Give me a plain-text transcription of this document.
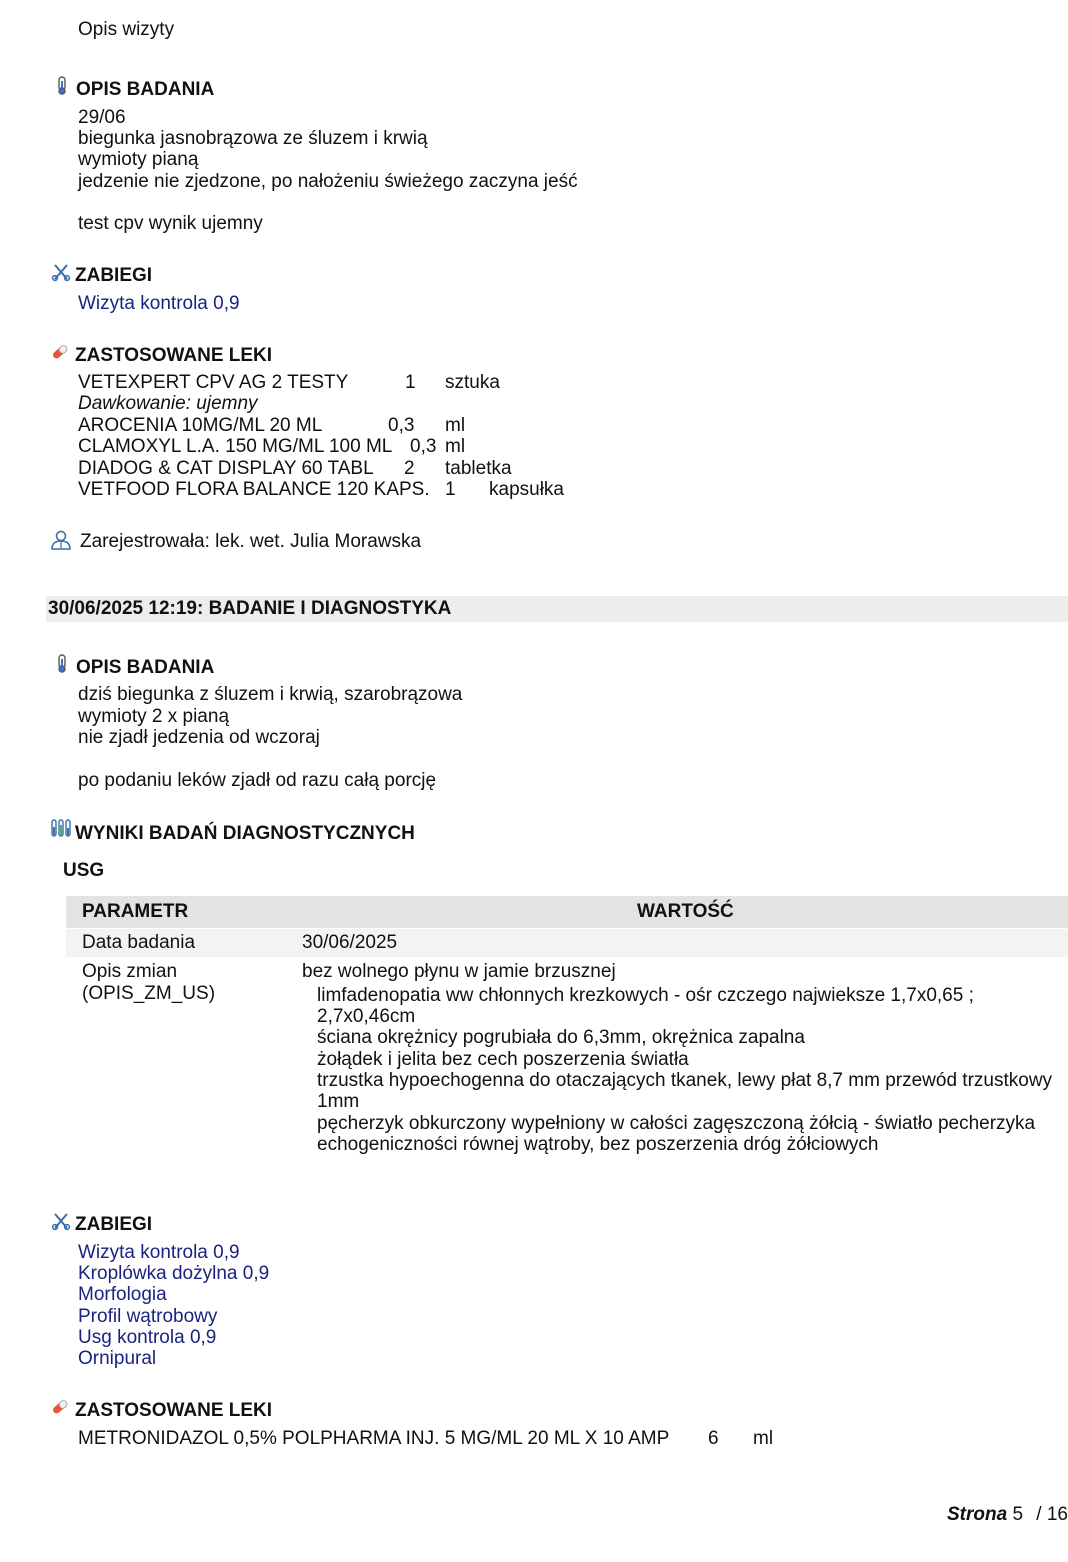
Opis wizyty
OPIS BADANIA
29/06
biegunka jasnobrązowa ze śluzem i krwią
wymioty pianą
jedzenie nie zjedzone, po nałożeniu świeżego zaczyna jeść
test cpv wynik ujemny
ZABIEGI
Wizyta kontrola 0,9
ZASTOSOWANE LEKI
VETEXPERT CPV AG 2 TESTY	1 sztuka
Dawkowanie: ujemny
AROCENIA 10MG/ML 20 ML	0,3 ml
CLAMOXYL L.A. 150 MG/ML 100 ML 0,3 ml
DIADOG & CAT DISPLAY 60 TABL 2 tabletka
VETFOOD FLORA BALANCE 120 KAPS. 1 kapsułka
Zarejestrowała: lek. wet. Julia Morawska
30/06/2025 12:19: BADANIE I DIAGNOSTYKA
OPIS BADANIA
dziś biegunka z śluzem i krwią, szarobrązowa
wymioty 2 x pianą
nie zjadł jedzenia od wczoraj
po podaniu leków zjadł od razu całą porcję
WYNIKI BADAŃ DIAGNOSTYCZNYCH
USG
PARAMETR	WARTOŚĆ
Data badania	30/06/2025
Opis zmian
(OPIS_ZM_US)
bez wolnego płynu w jamie brzusznej
limfadenopatia ww chłonnych krezkowych - ośr czczego najwieksze 1,7x0,65 ;
2,7x0,46cm
ściana okrężnicy pogrubiała do 6,3mm, okrężnica zapalna
żołądek i jelita bez cech poszerzenia światła
trzustka hypoechogenna do otaczających tkanek, lewy płat 8,7 mm przewód trzustkowy
1mm
pęcherzyk obkurczony wypełniony w całości zagęszczoną żółcią - światło pecherzyka
echogeniczności równej wątroby, bez poszerzenia dróg żółciowych
ZABIEGI
Wizyta kontrola 0,9
Kroplówka dożylna 0,9
Morfologia
Profil wątrobowy
Usg kontrola 0,9
Ornipural
ZASTOSOWANE LEKI
METRONIDAZOL 0,5% POLPHARMA INJ. 5 MG/ML 20 ML X 10 AMP 6 ml
Strona 5 / 16
